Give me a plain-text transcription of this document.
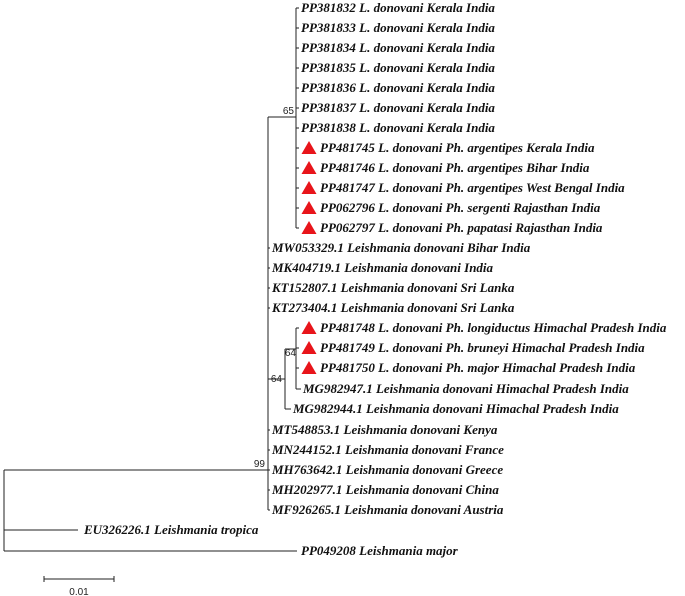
65
64
64
99
PP381832 L. donovani Kerala India
PP381833 L. donovani Kerala India
PP381834 L. donovani Kerala India
PP381835 L. donovani Kerala India
PP381836 L. donovani Kerala India
PP381837 L. donovani Kerala India
PP381838 L. donovani Kerala India
PP481745 L. donovani Ph. argentipes Kerala India
PP481746 L. donovani Ph. argentipes Bihar India
PP481747 L. donovani Ph. argentipes West Bengal India
PP062796 L. donovani Ph. sergenti Rajasthan India
PP062797 L. donovani Ph. papatasi Rajasthan India
MW053329.1 Leishmania donovani Bihar India
MK404719.1 Leishmania donovani India
KT152807.1 Leishmania donovani Sri Lanka
KT273404.1 Leishmania donovani Sri Lanka
PP481748 L. donovani Ph. longiductus Himachal Pradesh India
PP481749 L. donovani Ph. bruneyi Himachal Pradesh India
PP481750 L. donovani Ph. major Himachal Pradesh India
MG982947.1 Leishmania donovani Himachal Pradesh India
MG982944.1 Leishmania donovani Himachal Pradesh India
MT548853.1 Leishmania donovani Kenya
MN244152.1 Leishmania donovani France
MH763642.1 Leishmania donovani Greece
MH202977.1 Leishmania donovani China
MF926265.1 Leishmania donovani Austria
EU326226.1 Leishmania tropica
PP049208 Leishmania major
0.01
